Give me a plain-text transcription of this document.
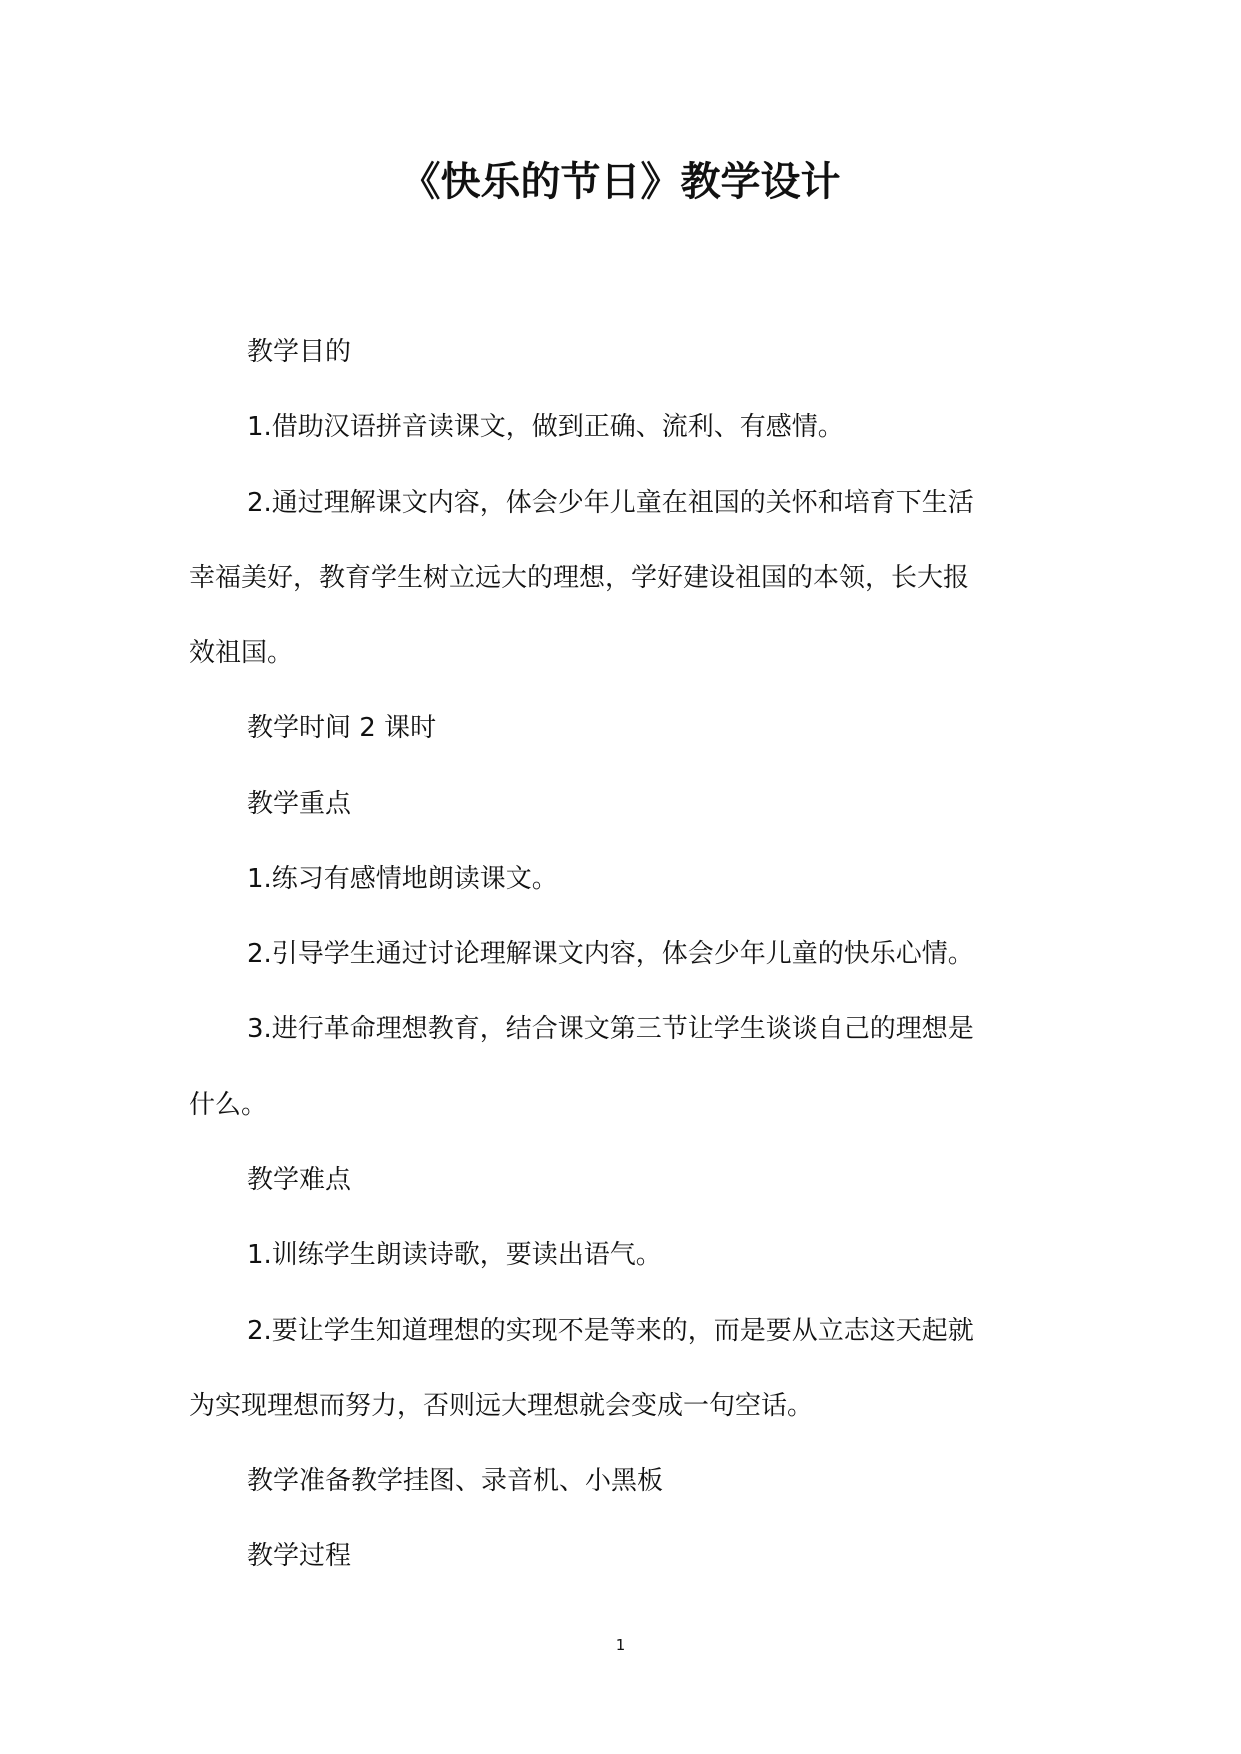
《快乐的节日》教学设计

教学目的

1.借助汉语拼音读课文，做到正确、流利、有感情。

2.通过理解课文内容，体会少年儿童在祖国的关怀和培育下生活

幸福美好，教育学生树立远大的理想，学好建设祖国的本领，长大报

效祖国。

教学时间 2 课时

教学重点

1.练习有感情地朗读课文。

2.引导学生通过讨论理解课文内容，体会少年儿童的快乐心情。

3.进行革命理想教育，结合课文第三节让学生谈谈自己的理想是

什么。

教学难点

1.训练学生朗读诗歌，要读出语气。

2.要让学生知道理想的实现不是等来的，而是要从立志这天起就

为实现理想而努力，否则远大理想就会变成一句空话。

教学准备教学挂图、录音机、小黑板

教学过程

1
